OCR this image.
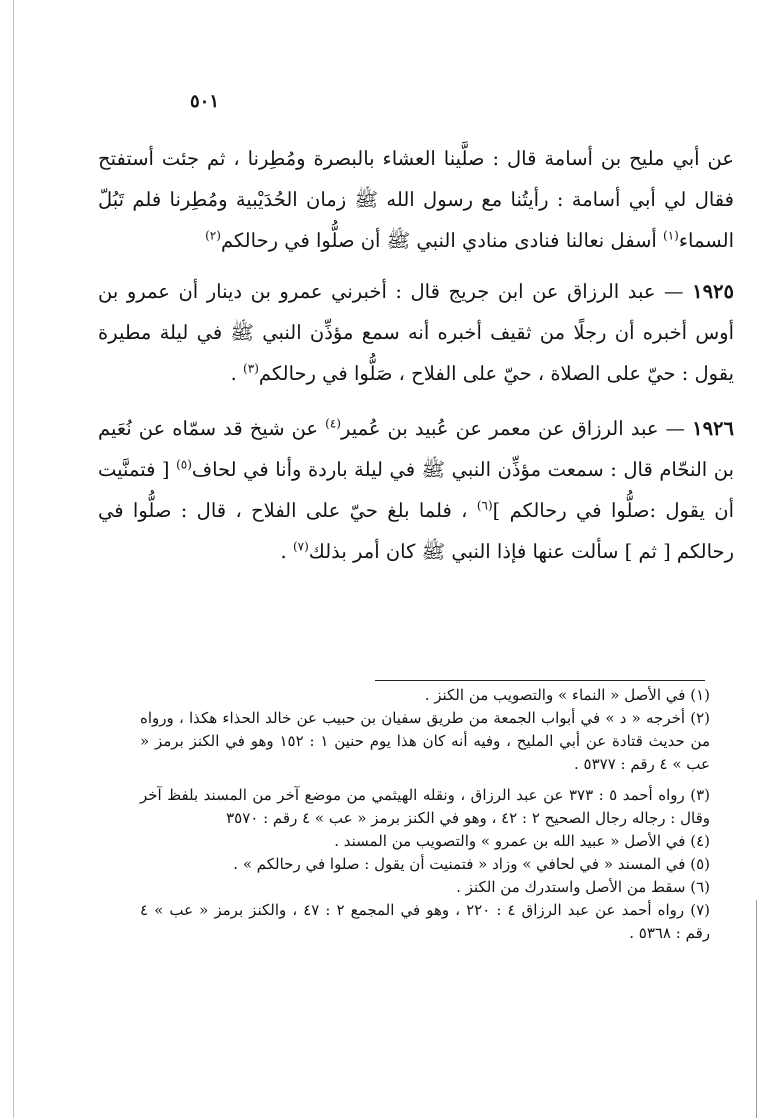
٥٠١

عن أبي مليح بن أسامة قال : صلَّينا العشاء بالبصرة ومُطِرنا ، ثم جئت أستفتح فقال لي أبي أسامة : رأيتُنا مع رسول الله ﷺ زمان الحُدَيْبية ومُطِرنا فلم تَبُلّ السماء$^{(١)}$ أسفل نعالنا فنادى منادي النبي ﷺ أن صلُّوا في رحالكم$^{(٢)}$

١٩٢٥ — عبد الرزاق عن ابن جريج قال : أخبرني عمرو بن دينار أن عمرو بن أوس أخبره أن رجلًا من ثقيف أخبره أنه سمع مؤذِّن النبي ﷺ في ليلة مطيرة يقول : حيّ على الصلاة ، حيّ على الفلاح ، صَلُّوا في رحالكم$^{(٣)}$ .

١٩٢٦ — عبد الرزاق عن معمر عن عُبيد بن عُمير$^{(٤)}$ عن شيخ قد سمّاه عن نُعَيم بن النحّام قال : سمعت مؤذِّن النبي ﷺ في ليلة باردة وأنا في لحاف$^{(٥)}$ [ فتمنَّيت أن يقول :صلُّوا في رحالكم ]$^{(٦)}$ ، فلما بلغ حيّ على الفلاح ، قال : صلُّوا في رحالكم [ ثم ] سألت عنها فإذا النبي ﷺ كان أمر بذلك$^{(٧)}$ .

(١) في الأصل « النماء » والتصويب من الكنز .

(٢) أخرجه « د » في أبواب الجمعة من طريق سفيان بن حبيب عن خالد الحذاء هكذا ، ورواه من حديث قتادة عن أبي المليح ، وفيه أنه كان هذا يوم حنين ١ : ١٥٢ وهو في الكنز برمز « عب » ٤ رقم : ٥٣٧٧ .

(٣) رواه أحمد ٥ : ٣٧٣ عن عبد الرزاق ، ونقله الهيثمي من موضع آخر من المسند بلفظ آخر وقال : رجاله رجال الصحيح ٢ : ٤٢ ، وهو في الكنز برمز « عب » ٤ رقم : ٣٥٧٠

(٤) في الأصل « عبيد الله بن عمرو » والتصويب من المسند .

(٥) في المسند « في لحافي » وزاد « فتمنيت أن يقول : صلوا في رحالكم » .

(٦) سقط من الأصل واستدرك من الكنز .

(٧) رواه أحمد عن عبد الرزاق ٤ : ٢٢٠ ، وهو في المجمع ٢ : ٤٧ ، والكنز برمز « عب » ٤ رقم : ٥٣٦٨ .
